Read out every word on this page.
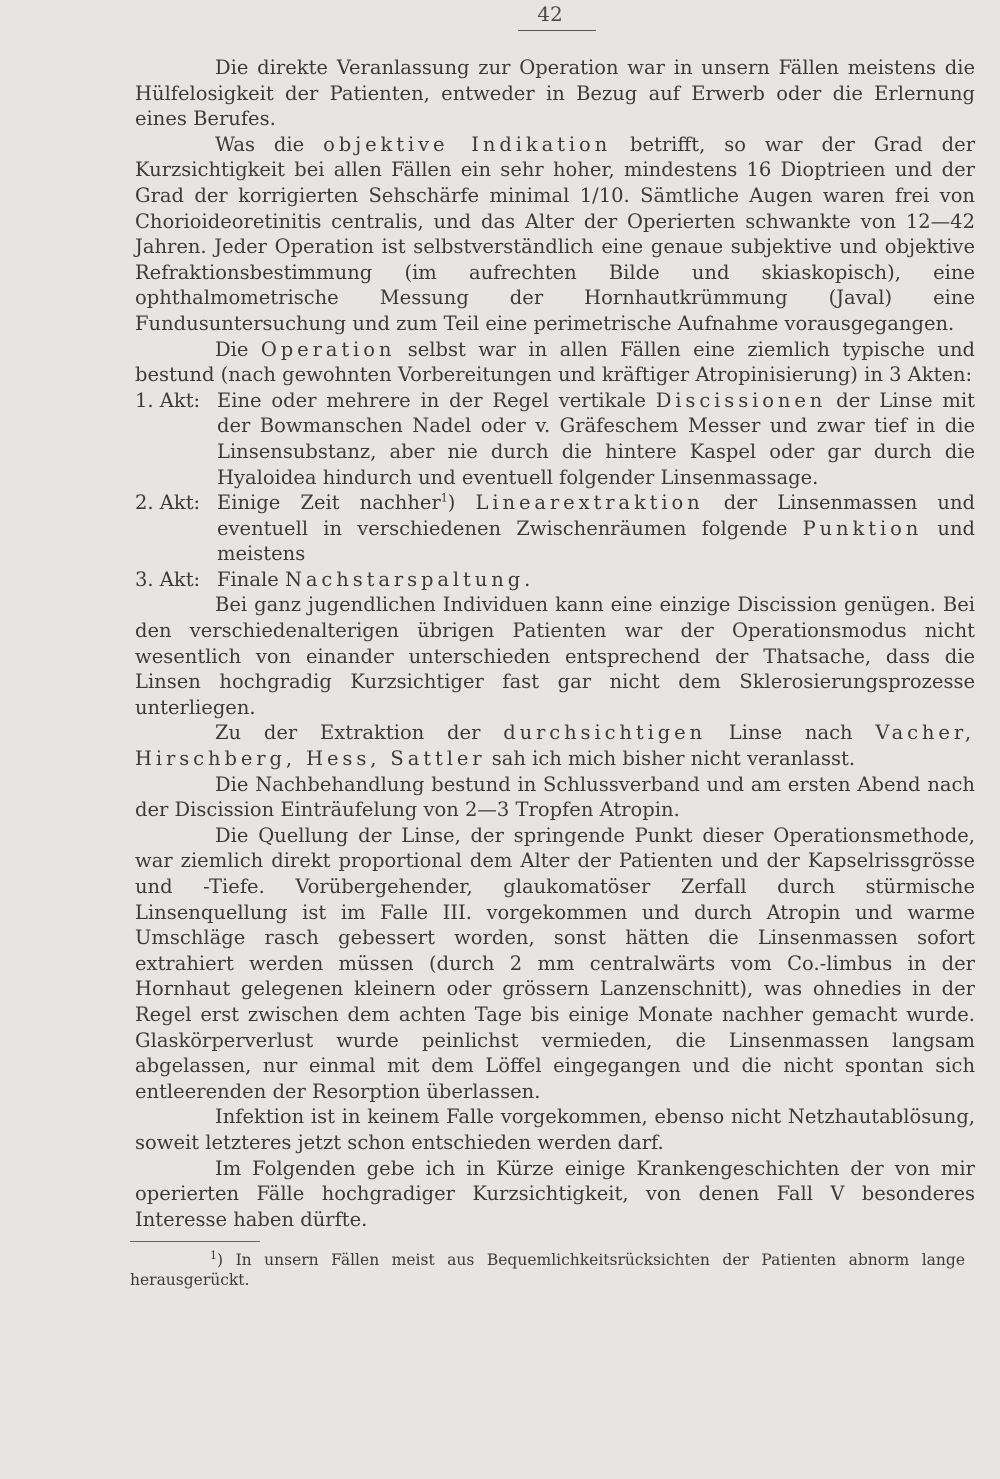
42

Die direkte Veranlassung zur Operation war in unsern Fällen meistens die Hülfelosigkeit der Patienten, entweder in Bezug auf Erwerb oder die Erlernung eines Berufes.

Was die objektive Indikation betrifft, so war der Grad der Kurzsichtigkeit bei allen Fällen ein sehr hoher, mindestens 16 Dioptrieen und der Grad der korrigierten Sehschärfe minimal 1/10. Sämtliche Augen waren frei von Chorioideoretinitis centralis, und das Alter der Operierten schwankte von 12—42 Jahren. Jeder Operation ist selbstverständlich eine genaue subjektive und objektive Refraktionsbestimmung (im aufrechten Bilde und skiaskopisch), eine ophthalmometrische Messung der Hornhautkrümmung (Javal) eine Fundusuntersuchung und zum Teil eine perimetrische Aufnahme vorausgegangen.

Die Operation selbst war in allen Fällen eine ziemlich typische und bestund (nach gewohnten Vorbereitungen und kräftiger Atropinisierung) in 3 Akten:

1. Akt: Eine oder mehrere in der Regel vertikale Discissionen der Linse mit der Bowmanschen Nadel oder v. Gräfeschem Messer und zwar tief in die Linsensubstanz, aber nie durch die hintere Kaspel oder gar durch die Hyaloidea hindurch und eventuell folgender Linsenmassage.
2. Akt: Einige Zeit nachher$^1$) Linearextraktion der Linsenmassen und eventuell in verschiedenen Zwischenräumen folgende Punktion und meistens
3. Akt: Finale Nachstarspaltung.

Bei ganz jugendlichen Individuen kann eine einzige Discission genügen. Bei den verschiedenalterigen übrigen Patienten war der Operationsmodus nicht wesentlich von einander unterschieden entsprechend der Thatsache, dass die Linsen hochgradig Kurzsichtiger fast gar nicht dem Sklerosierungsprozesse unterliegen.

Zu der Extraktion der durchsichtigen Linse nach Vacher, Hirschberg, Hess, Sattler sah ich mich bisher nicht veranlasst.

Die Nachbehandlung bestund in Schlussverband und am ersten Abend nach der Discission Einträufelung von 2—3 Tropfen Atropin.

Die Quellung der Linse, der springende Punkt dieser Operationsmethode, war ziemlich direkt proportional dem Alter der Patienten und der Kapselrissgrösse und -Tiefe. Vorübergehender, glaukomatöser Zerfall durch stürmische Linsenquellung ist im Falle III. vorgekommen und durch Atropin und warme Umschläge rasch gebessert worden, sonst hätten die Linsenmassen sofort extrahiert werden müssen (durch 2 mm centralwärts vom Co.-limbus in der Hornhaut gelegenen kleinern oder grössern Lanzenschnitt), was ohnedies in der Regel erst zwischen dem achten Tage bis einige Monate nachher gemacht wurde. Glaskörperverlust wurde peinlichst vermieden, die Linsenmassen langsam abgelassen, nur einmal mit dem Löffel eingegangen und die nicht spontan sich entleerenden der Resorption überlassen.

Infektion ist in keinem Falle vorgekommen, ebenso nicht Netzhautablösung, soweit letzteres jetzt schon entschieden werden darf.

Im Folgenden gebe ich in Kürze einige Krankengeschichten der von mir operierten Fälle hochgradiger Kurzsichtigkeit, von denen Fall V besonderes Interesse haben dürfte.

$^1$) In unsern Fällen meist aus Bequemlichkeitsrücksichten der Patienten abnorm lange herausgerückt.
